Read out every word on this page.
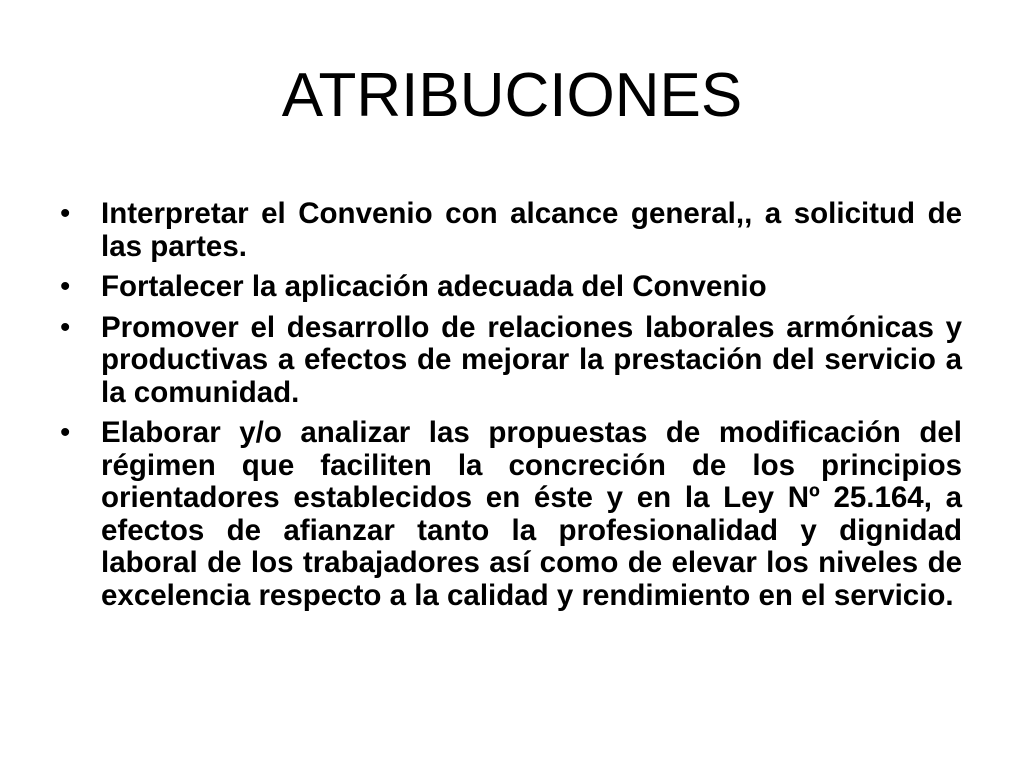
ATRIBUCIONES
• Interpretar el Convenio con alcance general,, a solicitud de las partes.
• Fortalecer la aplicación adecuada del Convenio
• Promover el desarrollo de relaciones laborales armónicas y productivas a efectos de mejorar la prestación del servicio a la comunidad.
• Elaborar y/o analizar las propuestas de modificación del régimen que faciliten la concreción de los principios orientadores establecidos en éste y en la Ley Nº 25.164, a efectos de afianzar tanto la profesionalidad y dignidad laboral de los trabajadores así como de elevar los niveles de excelencia respecto a la calidad y rendimiento en el servicio.
